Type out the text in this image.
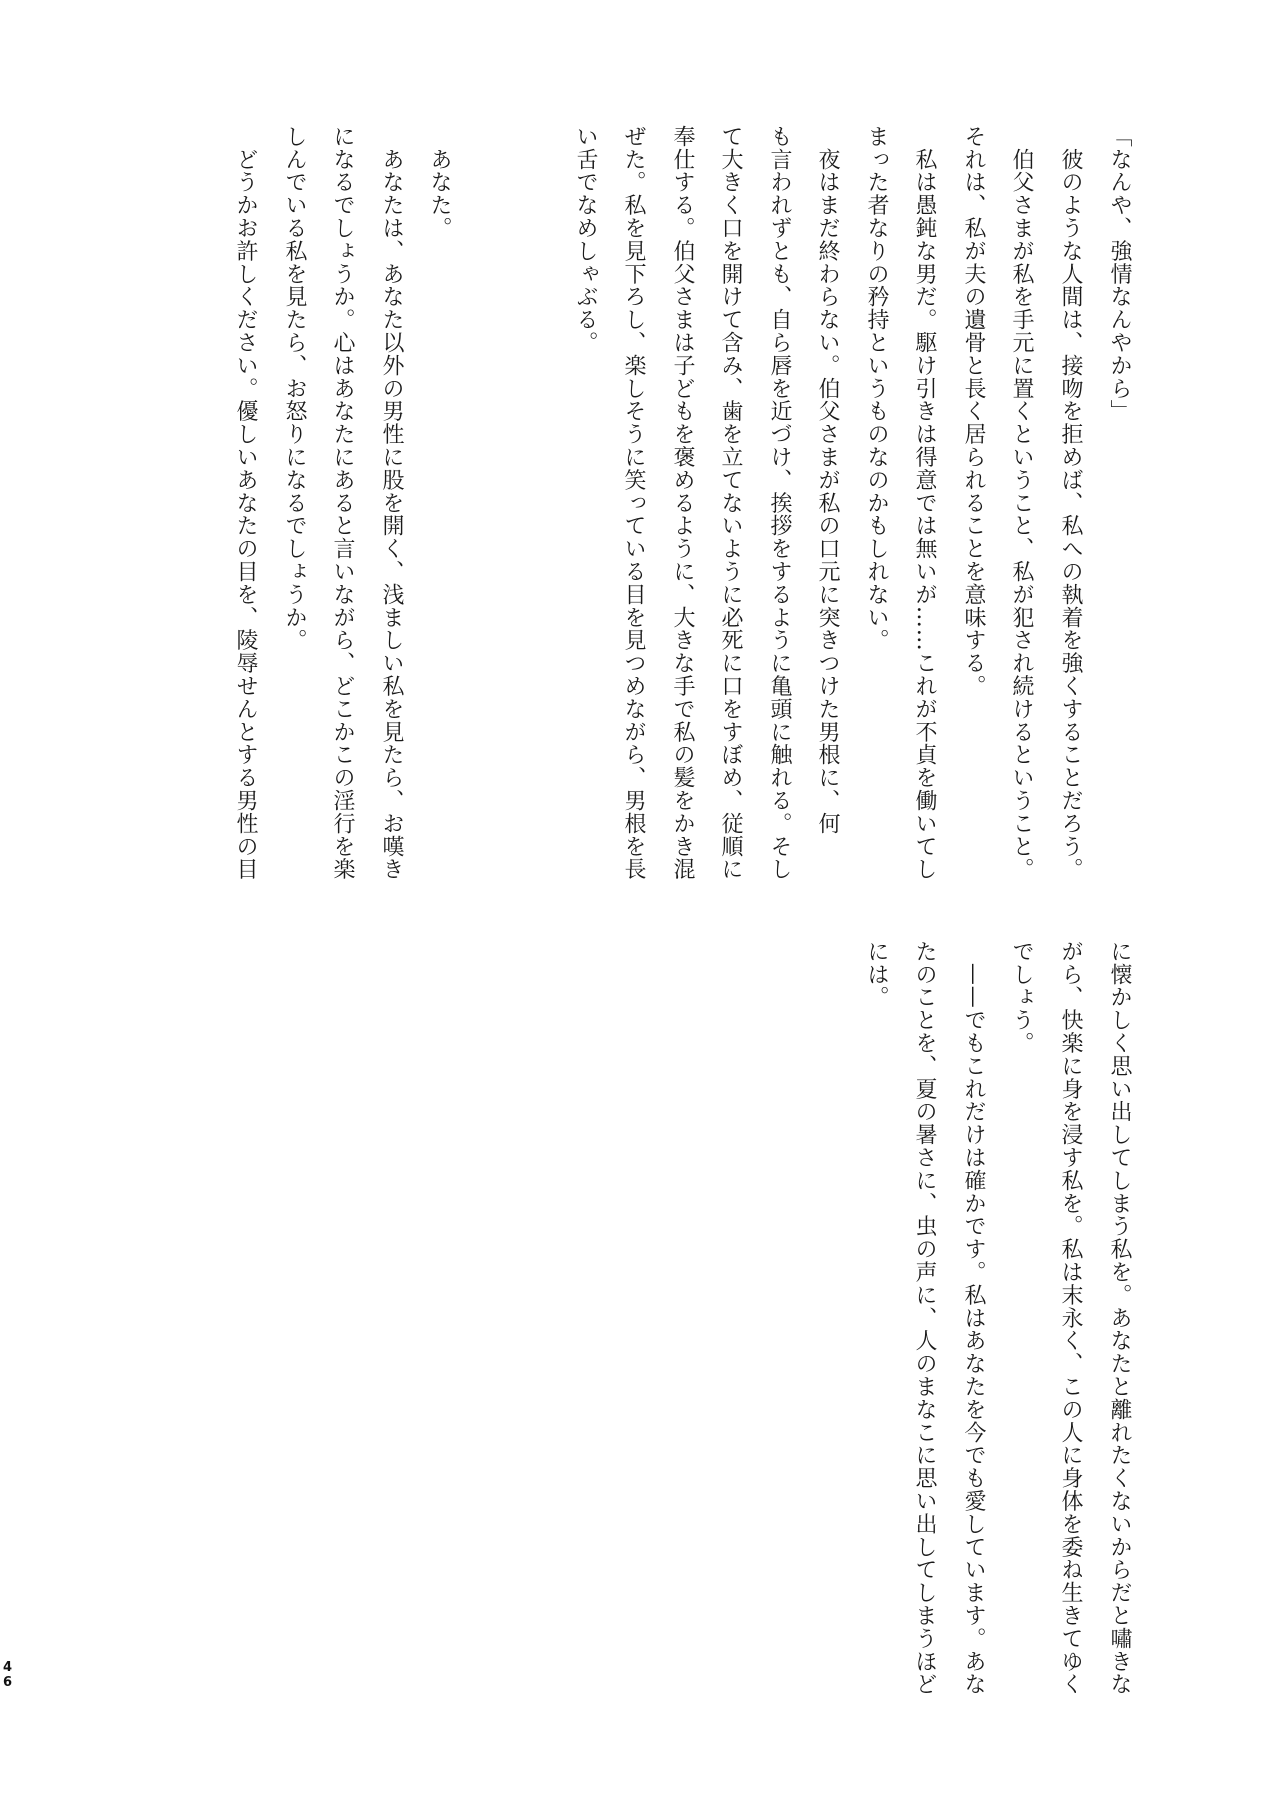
「なんや、強情なんやから」
　彼のような人間は、接吻を拒めば、私への執着を強くすることだろう。
　伯父さまが私を手元に置くということ、私が犯され続けるということ。
それは、私が夫の遺骨と長く居られることを意味する。
　私は愚鈍な男だ。駆け引きは得意では無いが……これが不貞を働いてし
まった者なりの矜持というものなのかもしれない。
　夜はまだ終わらない。伯父さまが私の口元に突きつけた男根に、何
も言われずとも、自ら唇を近づけ、挨拶をするように亀頭に触れる。そし
て大きく口を開けて含み、歯を立てないように必死に口をすぼめ、従順に
奉仕する。伯父さまは子どもを褒めるように、大きな手で私の髪をかき混
ぜた。私を見下ろし、楽しそうに笑っている目を見つめながら、男根を長
い舌でなめしゃぶる。
　あなた。
　あなたは、あなた以外の男性に股を開く、浅ましい私を見たら、お嘆き
になるでしょうか。心はあなたにあると言いながら、どこかこの淫行を楽
しんでいる私を見たら、お怒りになるでしょうか。
　どうかお許しください。優しいあなたの目を、陵辱せんとする男性の目
に懐かしく思い出してしまう私を。あなたと離れたくないからだと嘯きな
がら、快楽に身を浸す私を。私は末永く、この人に身体を委ね生きてゆく
でしょう。
　——でもこれだけは確かです。私はあなたを今でも愛しています。あな
たのことを、夏の暑さに、虫の声に、人のまなこに思い出してしまうほど
には。
46
